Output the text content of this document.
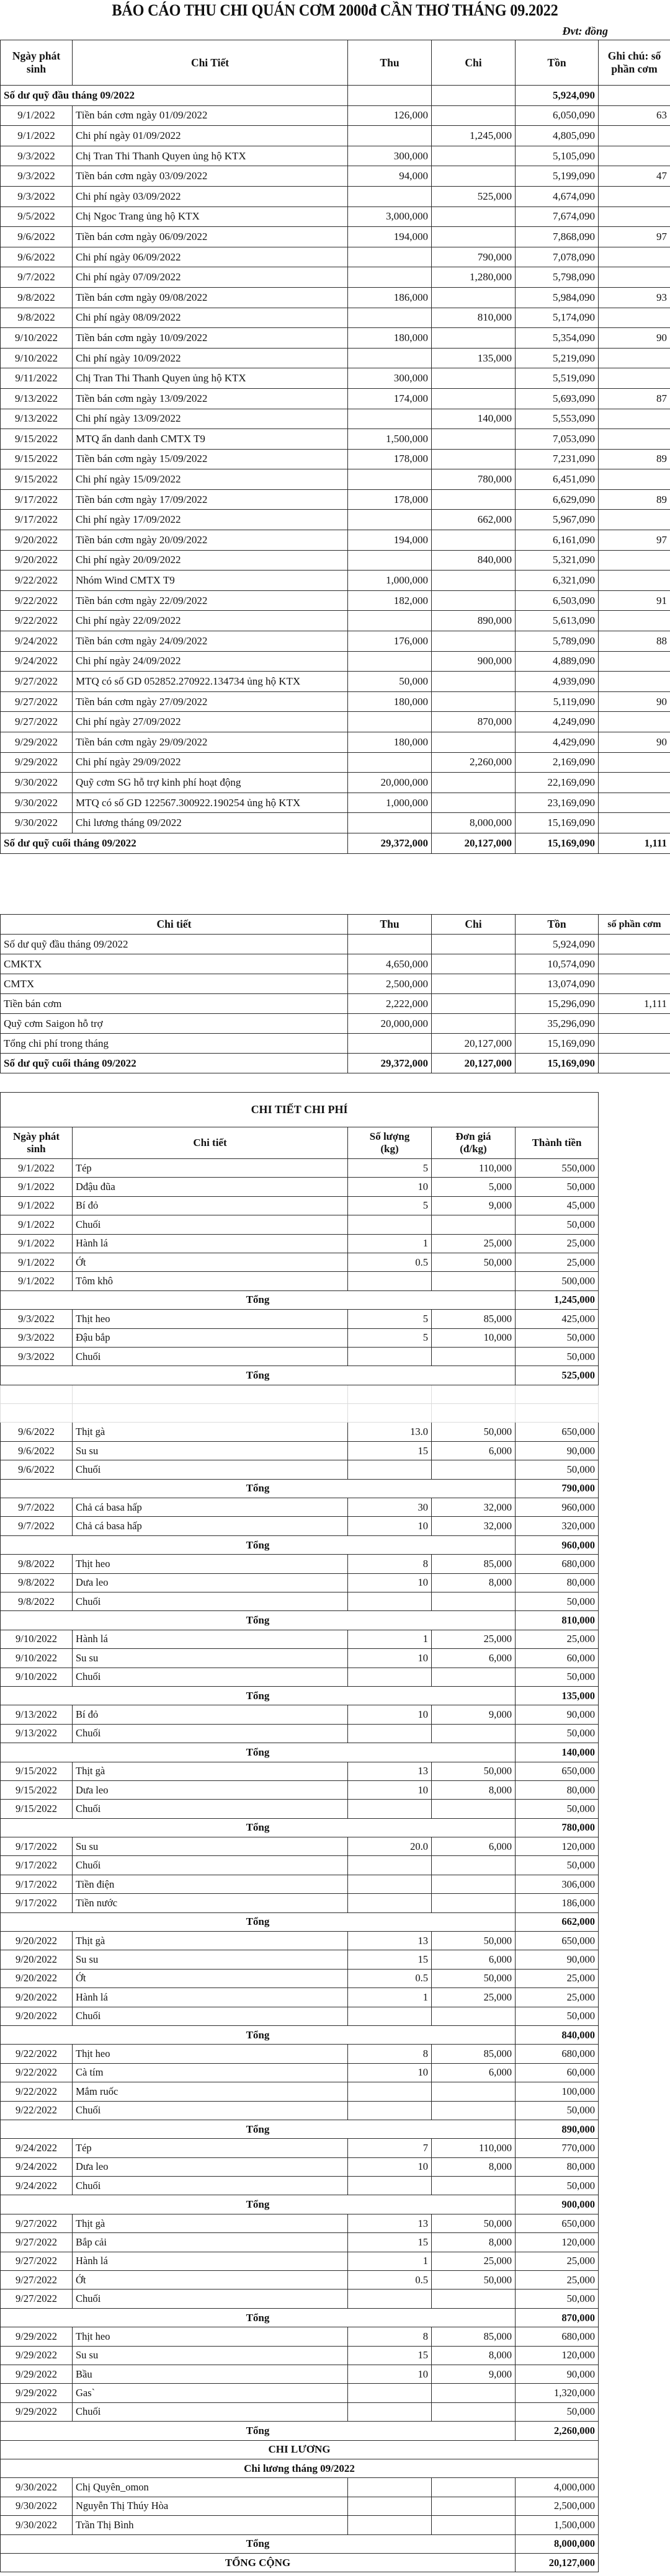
BÁO CÁO THU CHI QUÁN CƠM 2000đ CẦN THƠ THÁNG 09.2022
Đvt: đồng
Ngày phát sinh	Chi Tiết	Thu	Chi	Tồn	Ghi chú: số phần cơm
Số dư quỹ đầu tháng 09/2022				5,924,090	
9/1/2022	Tiền bán cơm ngày 01/09/2022	126,000		6,050,090	63
9/1/2022	Chi phí ngày 01/09/2022		1,245,000	4,805,090	
9/3/2022	Chị Tran Thi Thanh Quyen ủng hộ KTX	300,000		5,105,090	
9/3/2022	Tiền bán cơm ngày 03/09/2022	94,000		5,199,090	47
9/3/2022	Chi phí ngày 03/09/2022		525,000	4,674,090	
9/5/2022	Chị Ngoc Trang ủng hộ KTX	3,000,000		7,674,090	
9/6/2022	Tiền bán cơm ngày 06/09/2022	194,000		7,868,090	97
9/6/2022	Chi phí ngày 06/09/2022		790,000	7,078,090	
9/7/2022	Chi phí ngày 07/09/2022		1,280,000	5,798,090	
9/8/2022	Tiền bán cơm ngày 09/08/2022	186,000		5,984,090	93
9/8/2022	Chi phí ngày 08/09/2022		810,000	5,174,090	
9/10/2022	Tiền bán cơm ngày 10/09/2022	180,000		5,354,090	90
9/10/2022	Chi phí ngày 10/09/2022		135,000	5,219,090	
9/11/2022	Chị Tran Thi Thanh Quyen ủng hộ KTX	300,000		5,519,090	
9/13/2022	Tiền bán cơm ngày 13/09/2022	174,000		5,693,090	87
9/13/2022	Chi phí ngày 13/09/2022		140,000	5,553,090	
9/15/2022	MTQ ẩn danh danh CMTX T9	1,500,000		7,053,090	
9/15/2022	Tiền bán cơm ngày 15/09/2022	178,000		7,231,090	89
9/15/2022	Chi phí ngày 15/09/2022		780,000	6,451,090	
9/17/2022	Tiền bán cơm ngày 17/09/2022	178,000		6,629,090	89
9/17/2022	Chi phí ngày 17/09/2022		662,000	5,967,090	
9/20/2022	Tiền bán cơm ngày 20/09/2022	194,000		6,161,090	97
9/20/2022	Chi phí ngày 20/09/2022		840,000	5,321,090	
9/22/2022	Nhóm Wind CMTX T9	1,000,000		6,321,090	
9/22/2022	Tiền bán cơm ngày 22/09/2022	182,000		6,503,090	91
9/22/2022	Chi phí ngày 22/09/2022		890,000	5,613,090	
9/24/2022	Tiền bán cơm ngày 24/09/2022	176,000		5,789,090	88
9/24/2022	Chi phí ngày 24/09/2022		900,000	4,889,090	
9/27/2022	MTQ có số GD 052852.270922.134734 ủng hộ KTX	50,000		4,939,090	
9/27/2022	Tiền bán cơm ngày 27/09/2022	180,000		5,119,090	90
9/27/2022	Chi phí ngày 27/09/2022		870,000	4,249,090	
9/29/2022	Tiền bán cơm ngày 29/09/2022	180,000		4,429,090	90
9/29/2022	Chi phí ngày 29/09/2022		2,260,000	2,169,090	
9/30/2022	Quỹ cơm SG hỗ trợ kinh phí hoạt động	20,000,000		22,169,090	
9/30/2022	MTQ có số GD 122567.300922.190254 ủng hộ KTX	1,000,000		23,169,090	
9/30/2022	Chi lương tháng 09/2022		8,000,000	15,169,090	
Số dư quỹ cuối tháng 09/2022		29,372,000	20,127,000	15,169,090	1,111
Chi tiết	Thu	Chi	Tồn	số phần cơm
Số dư quỹ đầu tháng 09/2022			5,924,090	
CMKTX	4,650,000		10,574,090	
CMTX	2,500,000		13,074,090	
Tiền bán cơm	2,222,000		15,296,090	1,111
Quỹ cơm Saigon hỗ trợ	20,000,000		35,296,090	
Tổng chi phí trong tháng		20,127,000	15,169,090	
Số dư quỹ cuối tháng 09/2022	29,372,000	20,127,000	15,169,090	
CHI TIẾT CHI PHÍ				
Ngày phát sinh	Chi tiết	Số lượng (kg)	Đơn giá (đ/kg)	Thành tiền
9/1/2022	Tép	5	110,000	550,000
9/1/2022	Dđậu đũa	10	5,000	50,000
9/1/2022	Bí đỏ	5	9,000	45,000
9/1/2022	Chuối			50,000
9/1/2022	Hành lá	1	25,000	25,000
9/1/2022	Ớt	0.5	50,000	25,000
9/1/2022	Tôm khô			500,000
Tổng				1,245,000
9/3/2022	Thịt heo	5	85,000	425,000
9/3/2022	Đậu bắp	5	10,000	50,000
9/3/2022	Chuối			50,000
Tổng				525,000

9/6/2022	Thịt gà	13.0	50,000	650,000
9/6/2022	Su su	15	6,000	90,000
9/6/2022	Chuối			50,000
Tổng				790,000
9/7/2022	Chả cá basa hấp	30	32,000	960,000
9/7/2022	Chả cá basa hấp	10	32,000	320,000
Tổng				960,000
9/8/2022	Thịt heo	8	85,000	680,000
9/8/2022	Dưa leo	10	8,000	80,000
9/8/2022	Chuối			50,000
Tổng				810,000
9/10/2022	Hành lá	1	25,000	25,000
9/10/2022	Su su	10	6,000	60,000
9/10/2022	Chuối			50,000
Tổng				135,000
9/13/2022	Bí đỏ	10	9,000	90,000
9/13/2022	Chuối			50,000
Tổng				140,000
9/15/2022	Thịt gà	13	50,000	650,000
9/15/2022	Dưa leo	10	8,000	80,000
9/15/2022	Chuối			50,000
Tổng				780,000
9/17/2022	Su su	20.0	6,000	120,000
9/17/2022	Chuối			50,000
9/17/2022	Tiền điện			306,000
9/17/2022	Tiền nước			186,000
Tổng				662,000
9/20/2022	Thịt gà	13	50,000	650,000
9/20/2022	Su su	15	6,000	90,000
9/20/2022	Ớt	0.5	50,000	25,000
9/20/2022	Hành lá	1	25,000	25,000
9/20/2022	Chuối			50,000
Tổng				840,000
9/22/2022	Thịt heo	8	85,000	680,000
9/22/2022	Cà tím	10	6,000	60,000
9/22/2022	Mắm ruốc			100,000
9/22/2022	Chuối			50,000
Tổng				890,000
9/24/2022	Tép	7	110,000	770,000
9/24/2022	Dưa leo	10	8,000	80,000
9/24/2022	Chuối			50,000
Tổng				900,000
9/27/2022	Thịt gà	13	50,000	650,000
9/27/2022	Bắp cải	15	8,000	120,000
9/27/2022	Hành lá	1	25,000	25,000
9/27/2022	Ớt	0.5	50,000	25,000
9/27/2022	Chuối			50,000
Tổng				870,000
9/29/2022	Thịt heo	8	85,000	680,000
9/29/2022	Su su	15	8,000	120,000
9/29/2022	Bầu	10	9,000	90,000
9/29/2022	Gas`			1,320,000
9/29/2022	Chuối			50,000
Tổng				2,260,000
CHI LƯƠNG				
Chi lương tháng 09/2022				
9/30/2022	Chị Quyên_omon			4,000,000
9/30/2022	Nguyễn Thị Thúy Hòa			2,500,000
9/30/2022	Trần Thị Bình			1,500,000
Tổng				8,000,000
TỔNG CỘNG				20,127,000
